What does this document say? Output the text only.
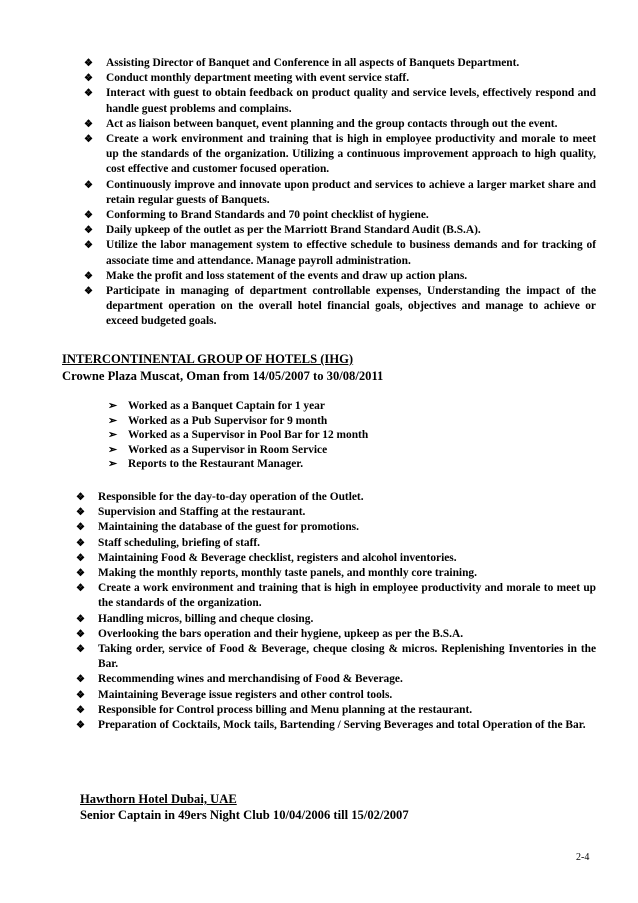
❖ Assisting Director of Banquet and Conference in all aspects of Banquets Department.
❖ Conduct monthly department meeting with event service staff.
❖ Interact with guest to obtain feedback on product quality and service levels, effectively respond and handle guest problems and complains.
❖ Act as liaison between banquet, event planning and the group contacts through out the event.
❖ Create a work environment and training that is high in employee productivity and morale to meet up the standards of the organization. Utilizing a continuous improvement approach to high quality, cost effective and customer focused operation.
❖ Continuously improve and innovate upon product and services to achieve a larger market share and retain regular guests of Banquets.
❖ Conforming to Brand Standards and 70 point checklist of hygiene.
❖ Daily upkeep of the outlet as per the Marriott Brand Standard Audit (B.S.A).
❖ Utilize the labor management system to effective schedule to business demands and for tracking of associate time and attendance. Manage payroll administration.
❖ Make the profit and loss statement of the events and draw up action plans.
❖ Participate in managing of department controllable expenses, Understanding the impact of the department operation on the overall hotel financial goals, objectives and manage to achieve or exceed budgeted goals.
INTERCONTINENTAL GROUP OF HOTELS (IHG)
Crowne Plaza Muscat, Oman from 14/05/2007 to 30/08/2011
➢ Worked as a Banquet Captain for 1 year
➢ Worked as a Pub Supervisor for 9 month
➢ Worked as a Supervisor in Pool Bar for 12 month
➢ Worked as a Supervisor in Room Service
➢ Reports to the Restaurant Manager.
❖ Responsible for the day-to-day operation of the Outlet.
❖ Supervision and Staffing at the restaurant.
❖ Maintaining the database of the guest for promotions.
❖ Staff scheduling, briefing of staff.
❖ Maintaining Food & Beverage checklist, registers and alcohol inventories.
❖ Making the monthly reports, monthly taste panels, and monthly core training.
❖ Create a work environment and training that is high in employee productivity and morale to meet up the standards of the organization.
❖ Handling micros, billing and cheque closing.
❖ Overlooking the bars operation and their hygiene, upkeep as per the B.S.A.
❖ Taking order, service of Food & Beverage, cheque closing & micros. Replenishing Inventories in the Bar.
❖ Recommending wines and merchandising of Food & Beverage.
❖ Maintaining Beverage issue registers and other control tools.
❖ Responsible for Control process billing and Menu planning at the restaurant.
❖ Preparation of Cocktails, Mock tails, Bartending / Serving Beverages and total Operation of the Bar.
Hawthorn Hotel Dubai, UAE
Senior Captain in 49ers Night Club 10/04/2006 till 15/02/2007
2-4
